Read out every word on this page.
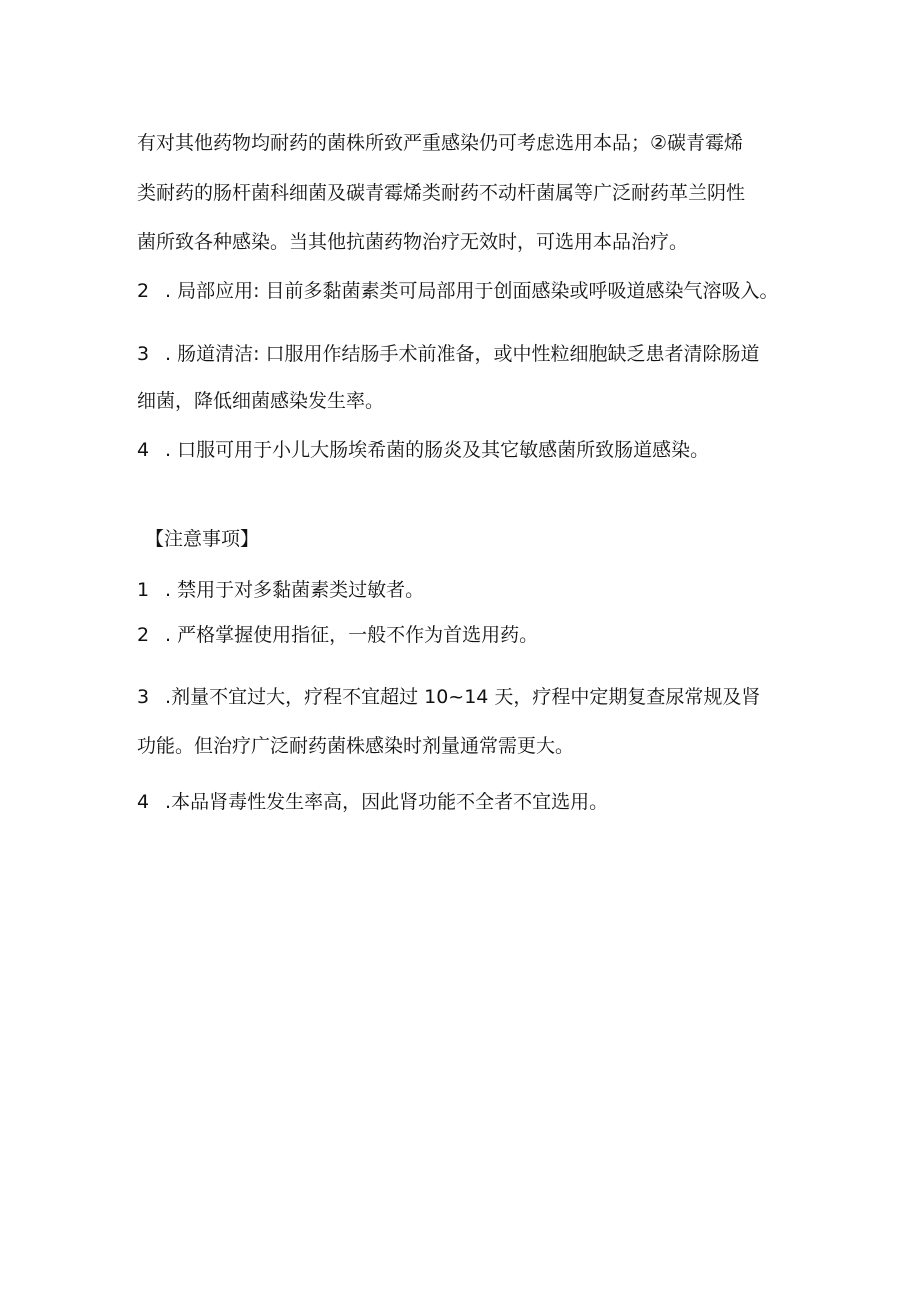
有对其他药物均耐药的菌株所致严重感染仍可考虑选用本品；②碳青霉烯
类耐药的肠杆菌科细菌及碳青霉烯类耐药不动杆菌属等广泛耐药革兰阴性
菌所致各种感染。当其他抗菌药物治疗无效时，可选用本品治疗。
2 . 局部应用: 目前多黏菌素类可局部用于创面感染或呼吸道感染气溶吸入。
3 . 肠道清洁: 口服用作结肠手术前准备，或中性粒细胞缺乏患者清除肠道
细菌，降低细菌感染发生率。
4 . 口服可用于小儿大肠埃希菌的肠炎及其它敏感菌所致肠道感染。
【注意事项】
1 . 禁用于对多黏菌素类过敏者。
2 . 严格掌握使用指征，一般不作为首选用药。
3 .剂量不宜过大，疗程不宜超过 10~14 天，疗程中定期复查尿常规及肾
功能。但治疗广泛耐药菌株感染时剂量通常需更大。
4 .本品肾毒性发生率高，因此肾功能不全者不宜选用。
